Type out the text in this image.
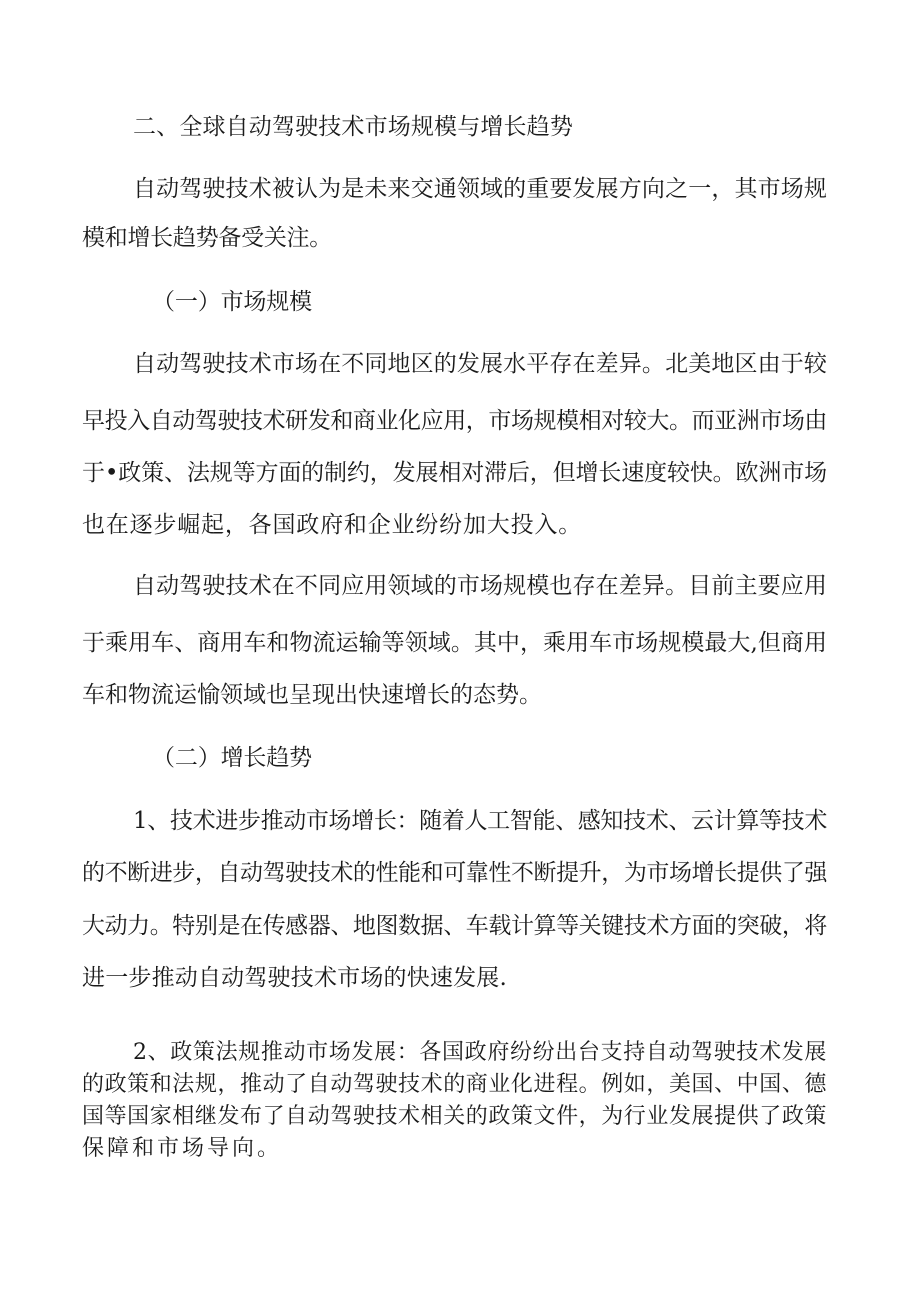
二、全球自动驾驶技术市场规模与增长趋势
自动驾驶技术被认为是未来交通领域的重要发展方向之一，其市场规
模和增长趋势备受关注。
（一）市场规模
自动驾驶技术市场在不同地区的发展水平存在差异。北美地区由于较
早投入自动驾驶技术研发和商业化应用，市场规模相对较大。而亚洲市场由
于•政策、法规等方面的制约，发展相对滞后，但增长速度较快。欧洲市场
也在逐步崛起，各国政府和企业纷纷加大投入。
自动驾驶技术在不同应用领域的市场规模也存在差异。目前主要应用
于乘用车、商用车和物流运输等领域。其中，乘用车市场规模最大,但商用
车和物流运愉领域也呈现出快速增长的态势。
（二）增长趋势
1、技术进步推动市场增长：随着人工智能、感知技术、云计算等技术
的不断进步，自动驾驶技术的性能和可靠性不断提升，为市场增长提供了强
大动力。特别是在传感器、地图数据、车载计算等关键技术方面的突破，将
进一步推动自动驾驶技术市场的快速发展.
2、政策法规推动市场发展：各国政府纷纷出台支持自动驾驶技术发展
的政策和法规，推动了自动驾驶技术的商业化进程。例如，美国、中国、德
国等国家相继发布了自动驾驶技术相关的政策文件，为行业发展提供了政策
保障和市场导向。
